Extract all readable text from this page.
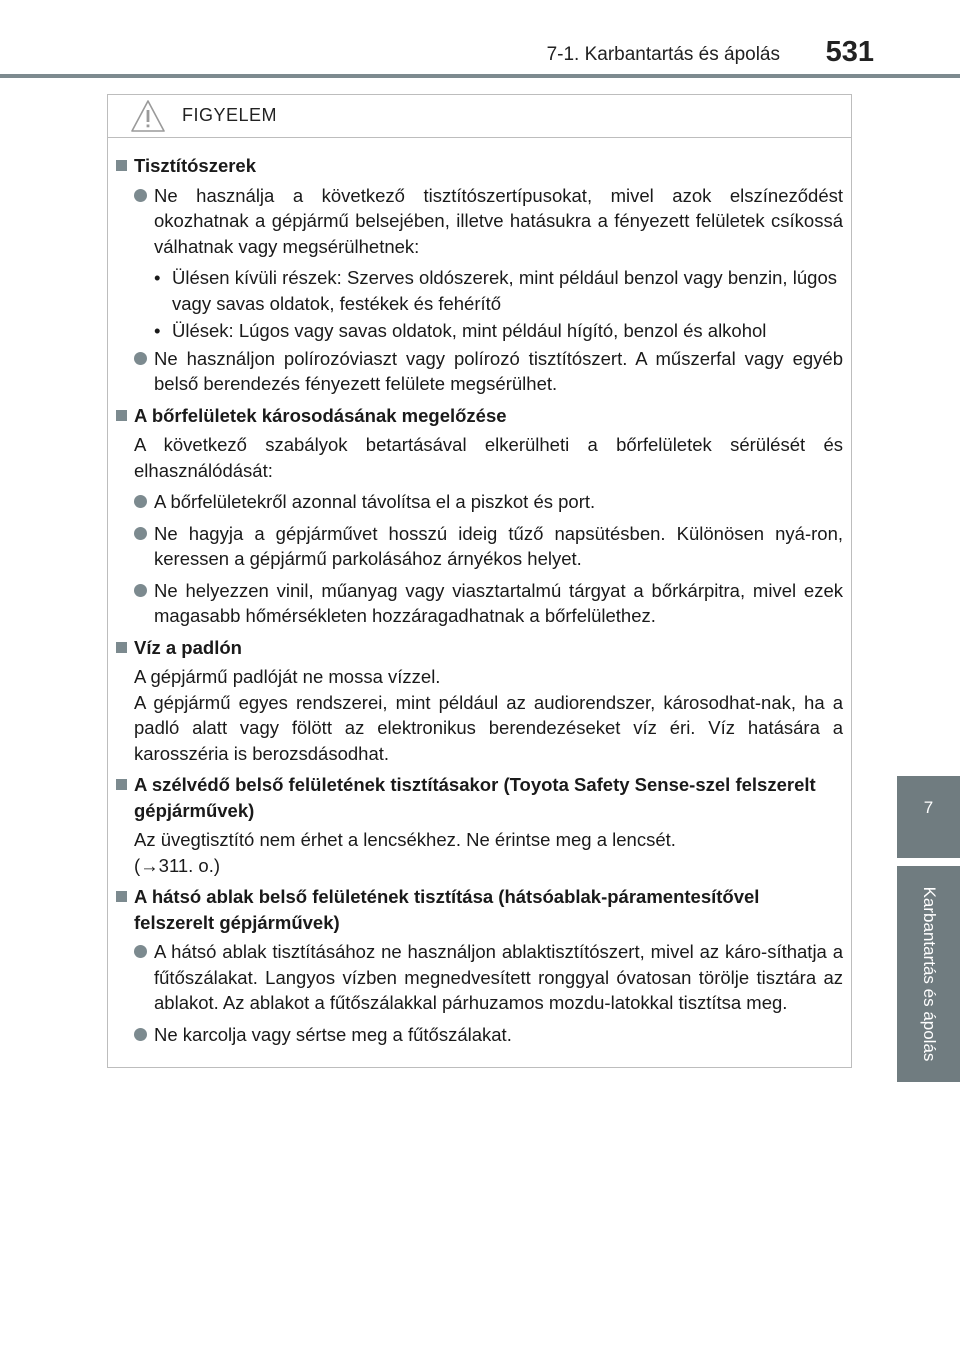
7-1. Karbantartás és ápolás 531
7
Karbantartás és ápolás
FIGYELEM
Tisztítószerek
Ne használja a következő tisztítószertípusokat, mivel azok elszíneződést okozhatnak a gépjármű belsejében, illetve hatásukra a fényezett felületek csíkossá válhatnak vagy megsérülhetnek:
• Ülésen kívüli részek: Szerves oldószerek, mint például benzol vagy benzin, lúgos vagy savas oldatok, festékek és fehérítő
• Ülések: Lúgos vagy savas oldatok, mint például hígító, benzol és alkohol
Ne használjon polírozóviaszt vagy polírozó tisztítószert. A műszerfal vagy egyéb belső berendezés fényezett felülete megsérülhet.
A bőrfelületek károsodásának megelőzése
A következő szabályok betartásával elkerülheti a bőrfelületek sérülését és elhasználódását:
A bőrfelületekről azonnal távolítsa el a piszkot és port.
Ne hagyja a gépjárművet hosszú ideig tűző napsütésben. Különösen nyá-ron, keressen a gépjármű parkolásához árnyékos helyet.
Ne helyezzen vinil, műanyag vagy viasztartalmú tárgyat a bőrkárpitra, mivel ezek magasabb hőmérsékleten hozzáragadhatnak a bőrfelülethez.
Víz a padlón
A gépjármű padlóját ne mossa vízzel.
A gépjármű egyes rendszerei, mint például az audiorendszer, károsodhat-nak, ha a padló alatt vagy fölött az elektronikus berendezéseket víz éri. Víz hatására a karosszéria is berozsdásodhat.
A szélvédő belső felületének tisztításakor (Toyota Safety Sense-szel felszerelt gépjárművek)
Az üvegtisztító nem érhet a lencsékhez. Ne érintse meg a lencsét.
(→311. o.)
A hátsó ablak belső felületének tisztítása (hátsóablak-páramentesítővel felszerelt gépjárművek)
A hátsó ablak tisztításához ne használjon ablaktisztítószert, mivel az káro-síthatja a fűtőszálakat. Langyos vízben megnedvesített ronggyal óvatosan törölje tisztára az ablakot. Az ablakot a fűtőszálakkal párhuzamos mozdu-latokkal tisztítsa meg.
Ne karcolja vagy sértse meg a fűtőszálakat.
